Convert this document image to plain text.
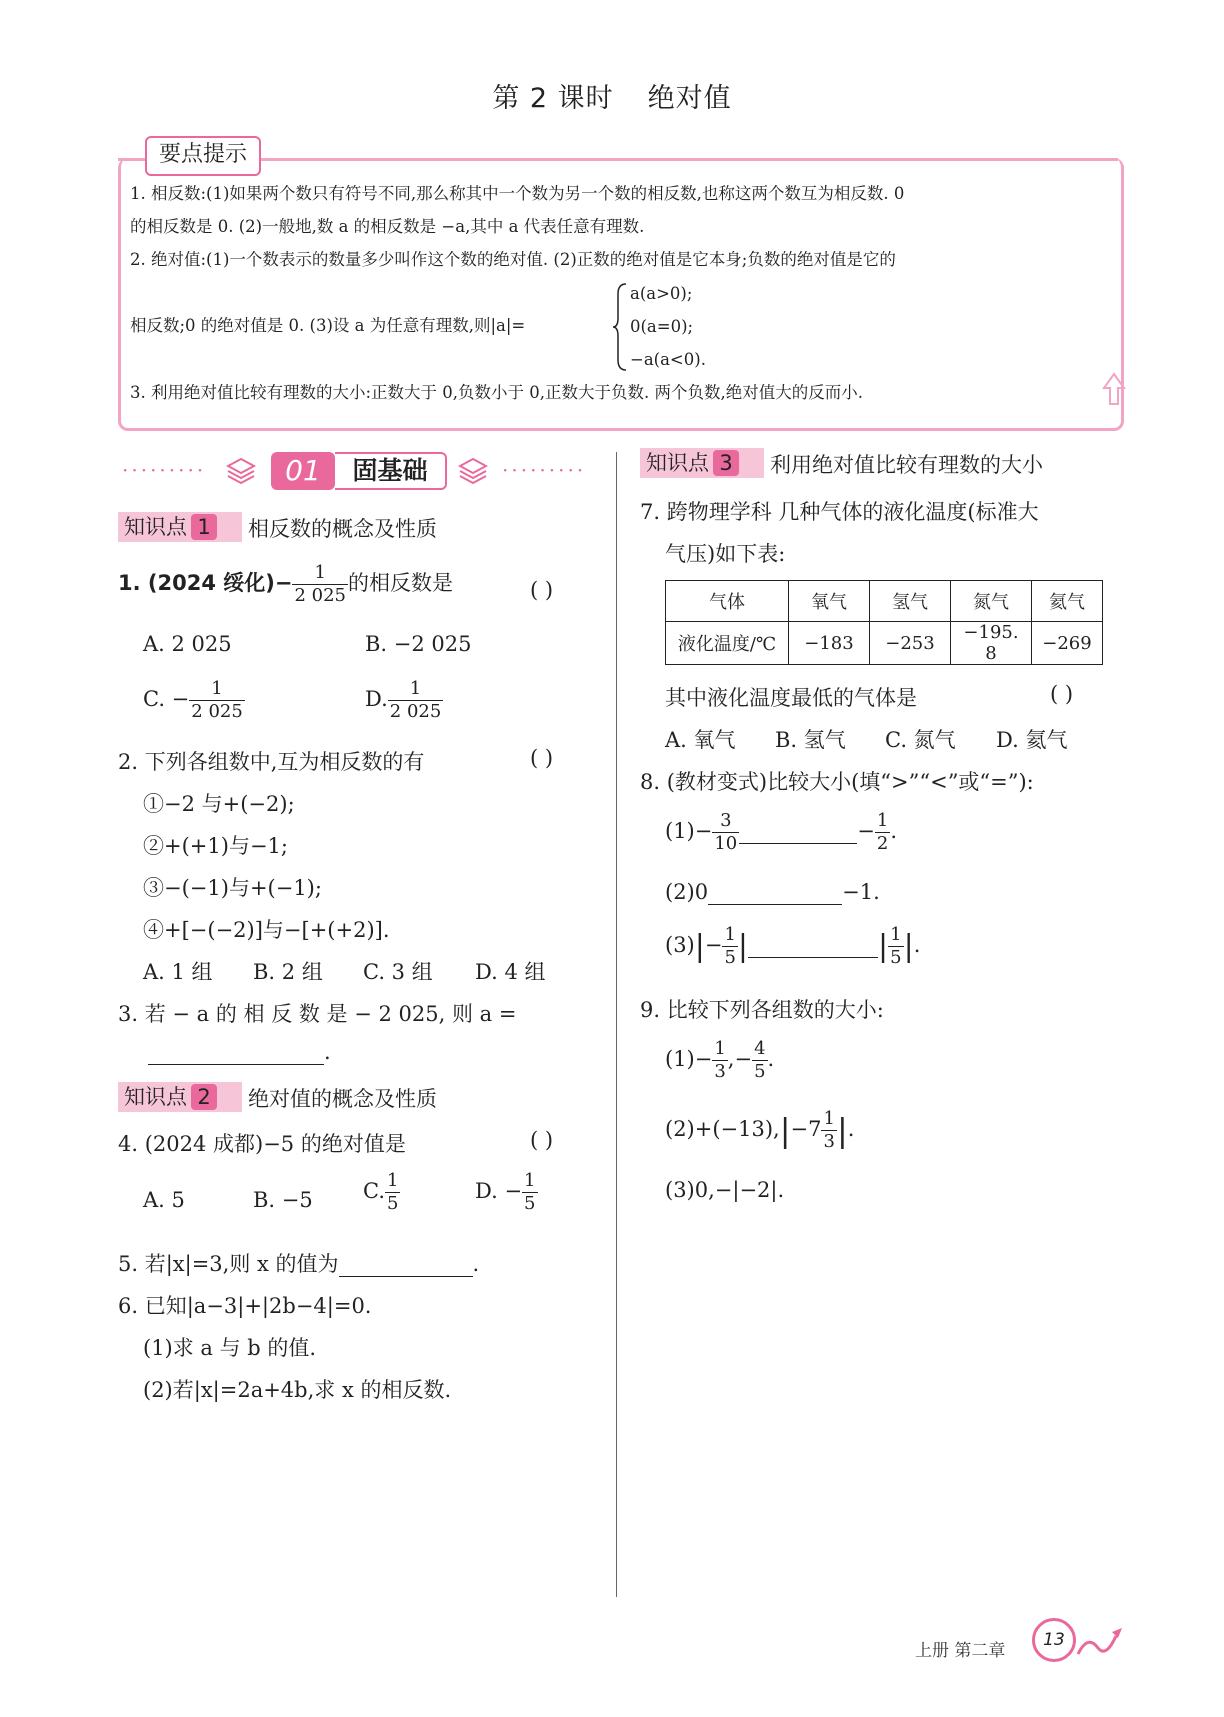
第 2 课时 绝对值
要点提示
1. 相反数:(1)如果两个数只有符号不同,那么称其中一个数为另一个数的相反数,也称这两个数互为相反数. 0
的相反数是 0. (2)一般地,数 a 的相反数是 −a,其中 a 代表任意有理数.
2. 绝对值:(1)一个数表示的数量多少叫作这个数的绝对值. (2)正数的绝对值是它本身;负数的绝对值是它的
相反数;0 的绝对值是 0. (3)设 a 为任意有理数,则|a|=
a(a>0);
0(a=0);
−a(a<0).
3. 利用绝对值比较有理数的大小:正数大于 0,负数小于 0,正数大于负数. 两个负数,绝对值大的反而小.
·········	01	固基础	·········
知识点 1	相反数的概念及性质
1. (2024 绥化)− $\frac{1}{2 025}$ 的相反数是	( )
A. 2 025	B. −2 025
C. − $\frac{1}{2 025}$	D. $\frac{1}{2 025}$
2. 下列各组数中,互为相反数的有	( )
①−2 与+(−2);
②+(+1)与−1;
③−(−1)与+(−1);
④+[−(−2)]与−[+(+2)].
A. 1 组 B. 2 组 C. 3 组 D. 4 组
3. 若 − a 的 相 反 数 是 − 2 025, 则 a =
.
知识点 2	绝对值的概念及性质
4. (2024 成都)−5 的绝对值是	( )
A. 5	B. −5 C. $\frac{1}{5}$	D. − $\frac{1}{5}$
5. 若|x|=3,则 x 的值为	.
6. 已知|a−3|+|2b−4|=0.
(1)求 a 与 b 的值.
(2)若|x|=2a+4b,求 x 的相反数.
知识点 3	利用绝对值比较有理数的大小
7. 跨物理学科 几种气体的液化温度(标准大
气压)如下表:
气体	氧气	氢气	氮气	氦气
液化温度/℃	−183	−253	−195. 8	−269
其中液化温度最低的气体是	( )
A. 氧气 B. 氢气 C. 氮气 D. 氦气
8. (教材变式)比较大小(填“>”“<”或“=”):
$(1)- \frac{3}{10}$	− $\frac{1}{2}$ .
(2)0	−1.
$(3)|- \frac{1}{5}$ |	| $\frac{1}{5}$ |.
9. 比较下列各组数的大小:
$(1)- \frac{1}{3}$ ,− $\frac{4}{5}$ .
$(2)+(-13),|-7 \frac{1}{3}$ |.
(3)0,−|−2|.
上册 第二章
13
